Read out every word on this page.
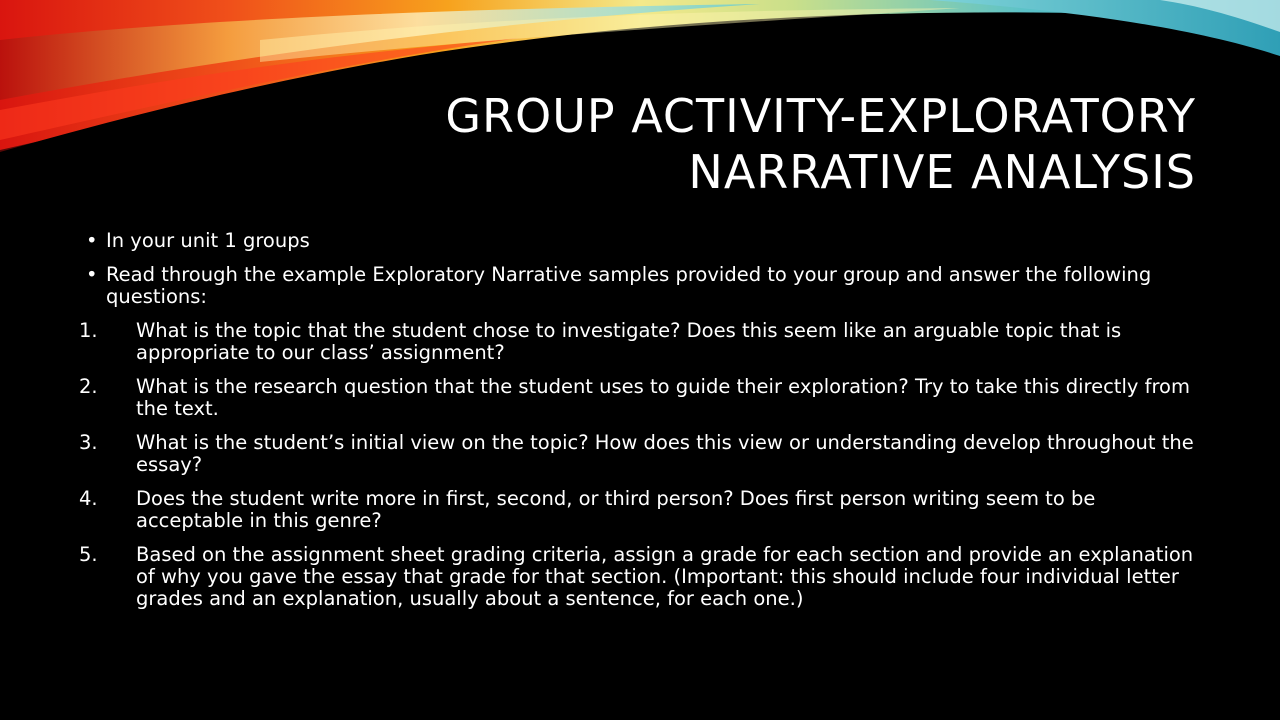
GROUP ACTIVITY-EXPLORATORY
NARRATIVE ANALYSIS
• In your unit 1 groups
• Read through the example Exploratory Narrative samples provided to your group and answer the following questions:
1. What is the topic that the student chose to investigate? Does this seem like an arguable topic that is appropriate to our class’ assignment?
2. What is the research question that the student uses to guide their exploration? Try to take this directly from the text.
3. What is the student’s initial view on the topic? How does this view or understanding develop throughout the essay?
4. Does the student write more in first, second, or third person? Does first person writing seem to be acceptable in this genre?
5. Based on the assignment sheet grading criteria, assign a grade for each section and provide an explanation of why you gave the essay that grade for that section. (Important: this should include four individual letter grades and an explanation, usually about a sentence, for each one.)
